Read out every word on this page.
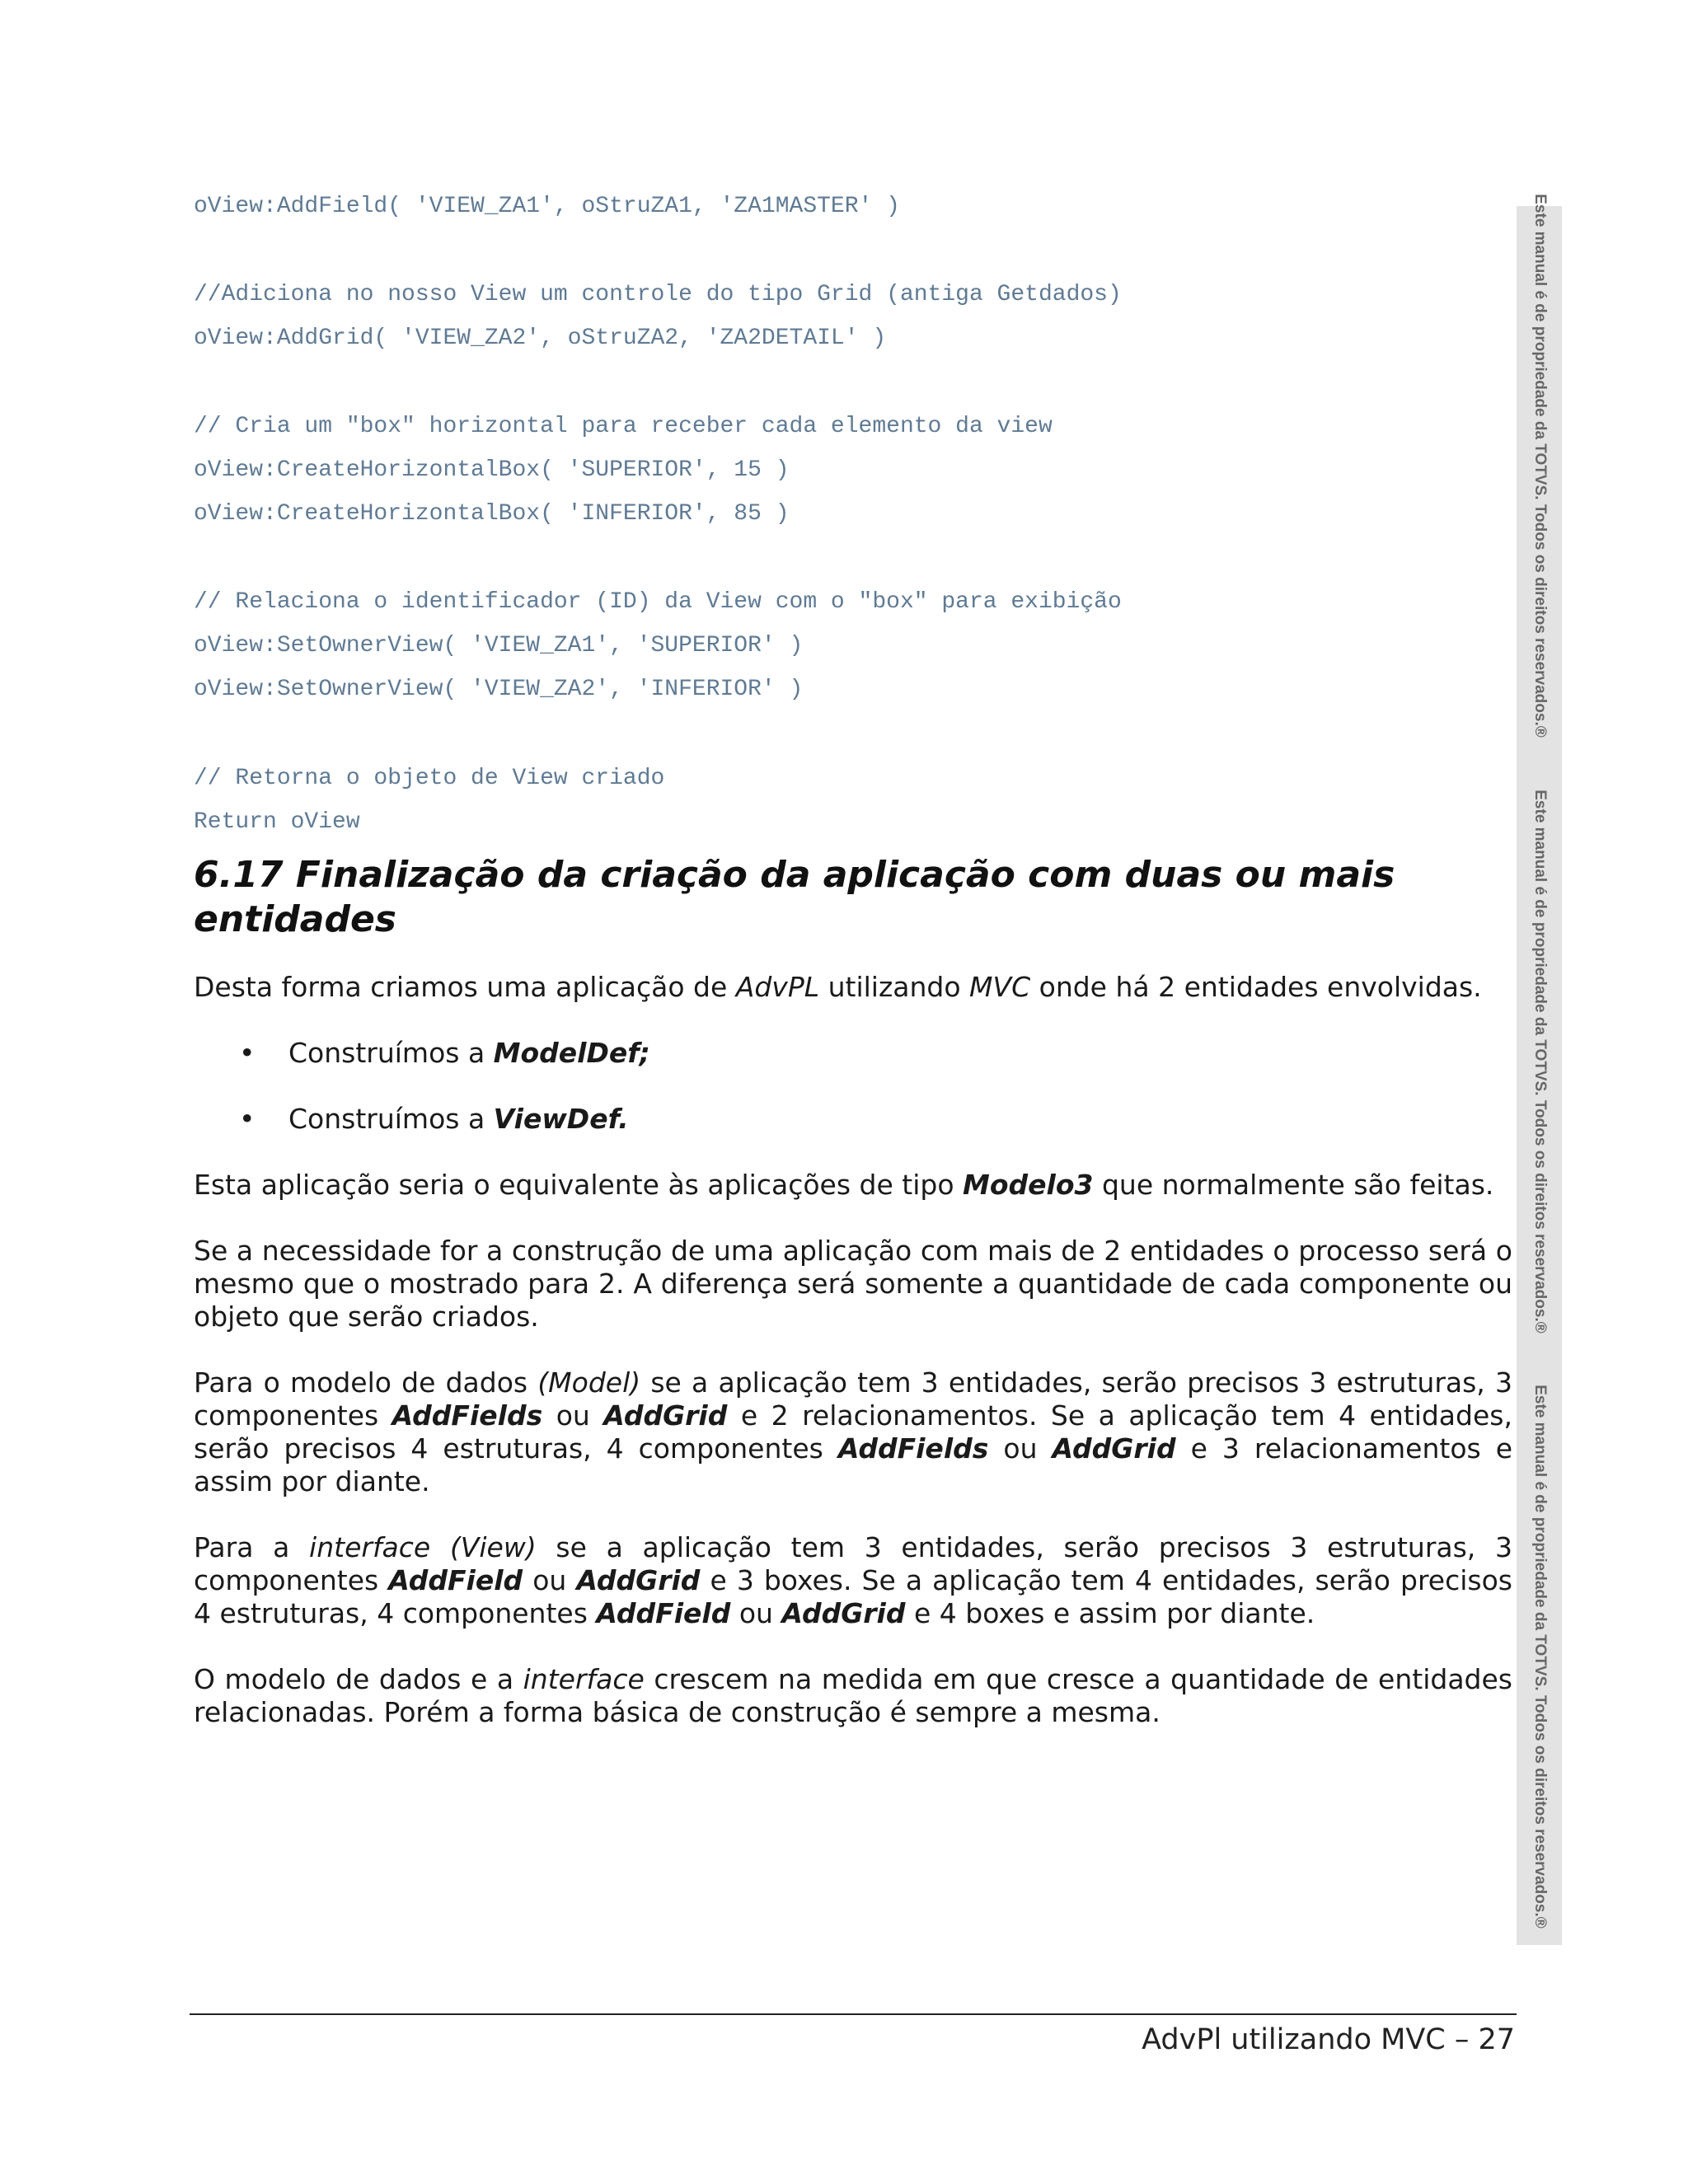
oView:AddField( 'VIEW_ZA1', oStruZA1, 'ZA1MASTER' )
//Adiciona no nosso View um controle do tipo Grid (antiga Getdados)
oView:AddGrid( 'VIEW_ZA2', oStruZA2, 'ZA2DETAIL' )
// Cria um "box" horizontal para receber cada elemento da view
oView:CreateHorizontalBox( 'SUPERIOR', 15 )
oView:CreateHorizontalBox( 'INFERIOR', 85 )
// Relaciona o identificador (ID) da View com o "box" para exibição
oView:SetOwnerView( 'VIEW_ZA1', 'SUPERIOR' )
oView:SetOwnerView( 'VIEW_ZA2', 'INFERIOR' )
// Retorna o objeto de View criado
Return oView
6.17 Finalização da criação da aplicação com duas ou mais
entidades

Desta forma criamos uma aplicação de AdvPL utilizando MVC onde há 2 entidades envolvidas.

• Construímos a ModelDef;
• Construímos a ViewDef.

Esta aplicação seria o equivalente às aplicações de tipo Modelo3 que normalmente são feitas.

Se a necessidade for a construção de uma aplicação com mais de 2 entidades o processo será o mesmo que o mostrado para 2. A diferença será somente a quantidade de cada componente ou objeto que serão criados.

Para o modelo de dados (Model) se a aplicação tem 3 entidades, serão precisos 3 estruturas, 3 componentes AddFields ou AddGrid e 2 relacionamentos. Se a aplicação tem 4 entidades, serão precisos 4 estruturas, 4 componentes AddFields ou AddGrid e 3 relacionamentos e assim por diante.

Para a interface (View) se a aplicação tem 3 entidades, serão precisos 3 estruturas, 3 componentes AddField ou AddGrid e 3 boxes. Se a aplicação tem 4 entidades, serão precisos 4 estruturas, 4 componentes AddField ou AddGrid e 4 boxes e assim por diante.

O modelo de dados e a interface crescem na medida em que cresce a quantidade de entidades relacionadas. Porém a forma básica de construção é sempre a mesma.

Este manual é de propriedade da TOTVS. Todos os direitos reservados.®
Este manual é de propriedade da TOTVS. Todos os direitos reservados.®
Este manual é de propriedade da TOTVS. Todos os direitos reservados.®
AdvPl utilizando MVC – 27
